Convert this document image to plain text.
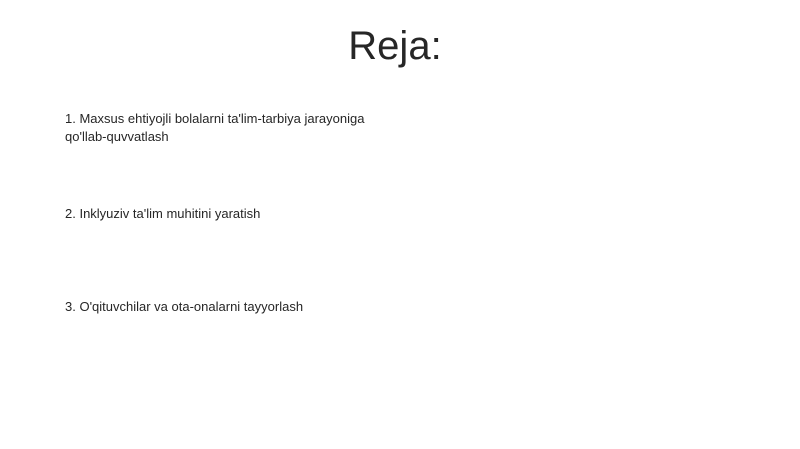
Reja:
1. Maxsus ehtiyojli bolalarni ta'lim-tarbiya jarayoniga qo'llab-quvvatlash
2. Inklyuziv ta'lim muhitini yaratish
3. O'qituvchilar va ota-onalarni tayyorlash
